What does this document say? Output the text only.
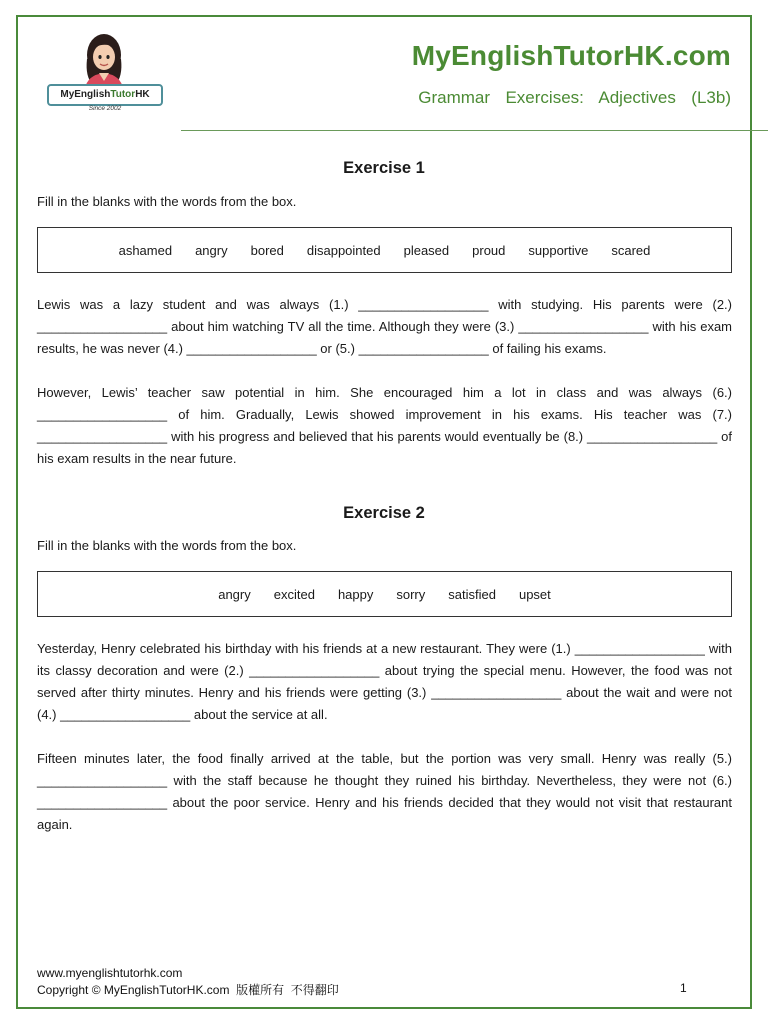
MyEnglishTutorHK
Since 2002
MyEnglishTutorHK.com
Grammar  Exercises:  Adjectives  (L3b)
Exercise 1
Fill in the blanks with the words from the box.
ashamed angry bored disappointed pleased proud supportive scared
Lewis was a lazy student and was always (1.) __________________ with studying. His parents were (2.) __________________ about him watching TV all the time. Although they were (3.) __________________ with his exam results, he was never (4.) __________________ or (5.) __________________ of failing his exams.
However, Lewis’ teacher saw potential in him. She encouraged him a lot in class and was always (6.) __________________ of him. Gradually, Lewis showed improvement in his exams. His teacher was (7.) __________________ with his progress and believed that his parents would eventually be (8.) __________________ of his exam results in the near future.
Exercise 2
Fill in the blanks with the words from the box.
angry excited happy sorry satisfied upset
Yesterday, Henry celebrated his birthday with his friends at a new restaurant. They were (1.) __________________ with its classy decoration and were (2.) __________________ about trying the special menu. However, the food was not served after thirty minutes. Henry and his friends were getting (3.) __________________ about the wait and were not (4.) __________________ about the service at all.
Fifteen minutes later, the food finally arrived at the table, but the portion was very small. Henry was really (5.) __________________ with the staff because he thought they ruined his birthday. Nevertheless, they were not (6.) __________________ about the poor service. Henry and his friends decided that they would not visit that restaurant again.
www.myenglishtutorhk.com
Copyright © MyEnglishTutorHK.com  版權所有  不得翻印	1
